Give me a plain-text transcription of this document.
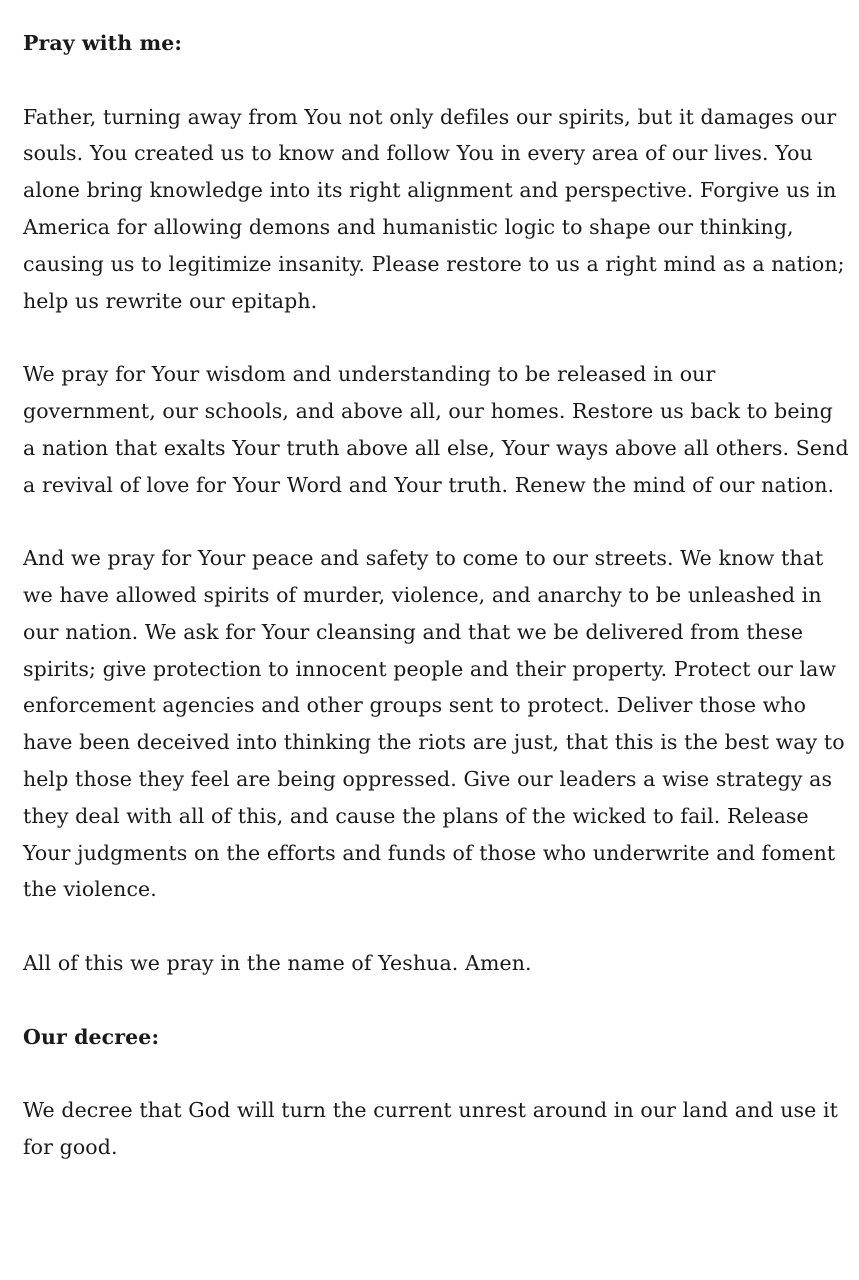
Pray with me:

Father, turning away from You not only defiles our spirits, but it damages our souls. You created us to know and follow You in every area of our lives. You alone bring knowledge into its right alignment and perspective. Forgive us in America for allowing demons and humanistic logic to shape our thinking, causing us to legitimize insanity. Please restore to us a right mind as a nation; help us rewrite our epitaph.

We pray for Your wisdom and understanding to be released in our government, our schools, and above all, our homes. Restore us back to being a nation that exalts Your truth above all else, Your ways above all others. Send a revival of love for Your Word and Your truth. Renew the mind of our nation.

And we pray for Your peace and safety to come to our streets. We know that we have allowed spirits of murder, violence, and anarchy to be unleashed in our nation. We ask for Your cleansing and that we be delivered from these spirits; give protection to innocent people and their property. Protect our law enforcement agencies and other groups sent to protect. Deliver those who have been deceived into thinking the riots are just, that this is the best way to help those they feel are being oppressed. Give our leaders a wise strategy as they deal with all of this, and cause the plans of the wicked to fail. Release Your judgments on the efforts and funds of those who underwrite and foment the violence.

All of this we pray in the name of Yeshua. Amen.

Our decree:

We decree that God will turn the current unrest around in our land and use it for good.
